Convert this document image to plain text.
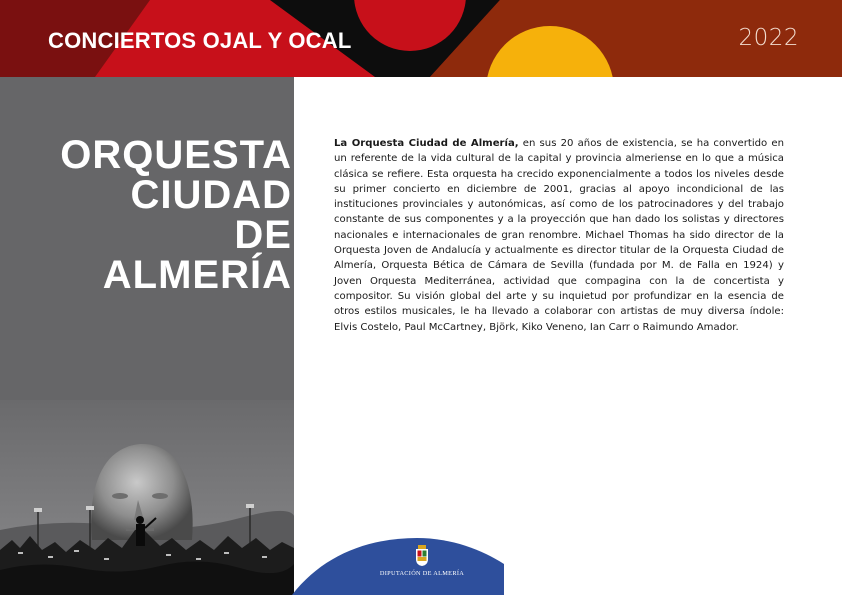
CONCIERTOS OJAL Y OCAL	2022
ORQUESTA
CIUDAD
DE
ALMERÍA
La Orquesta Ciudad de Almería, en sus 20 años de existencia, se ha convertido en un referente de la vida cultural de la capital y provincia almeriense en lo que a música clásica se refiere. Esta orquesta ha crecido exponencialmente a todos los niveles desde su primer concierto en diciembre de 2001, gracias al apoyo incondicional de las instituciones provinciales y autonómicas, así como de los patrocinadores y del trabajo constante de sus componentes y a la proyección que han dado los solistas y directores nacionales e internacionales de gran renombre. Michael Thomas ha sido director de la Orquesta Joven de Andalucía y actualmente es director titular de la Orquesta Ciudad de Almería, Orquesta Bética de Cámara de Sevilla (fundada por M. de Falla en 1924) y Joven Orquesta Mediterránea, actividad que compagina con la de concertista y compositor. Su visión global del arte y su inquietud por profundizar en la esencia de otros estilos musicales, le ha llevado a colaborar con artistas de muy diversa índole: Elvis Costelo, Paul McCartney, Björk, Kiko Veneno, Ian Carr o Raimundo Amador.
DIPUTACIÓN DE ALMERÍA
